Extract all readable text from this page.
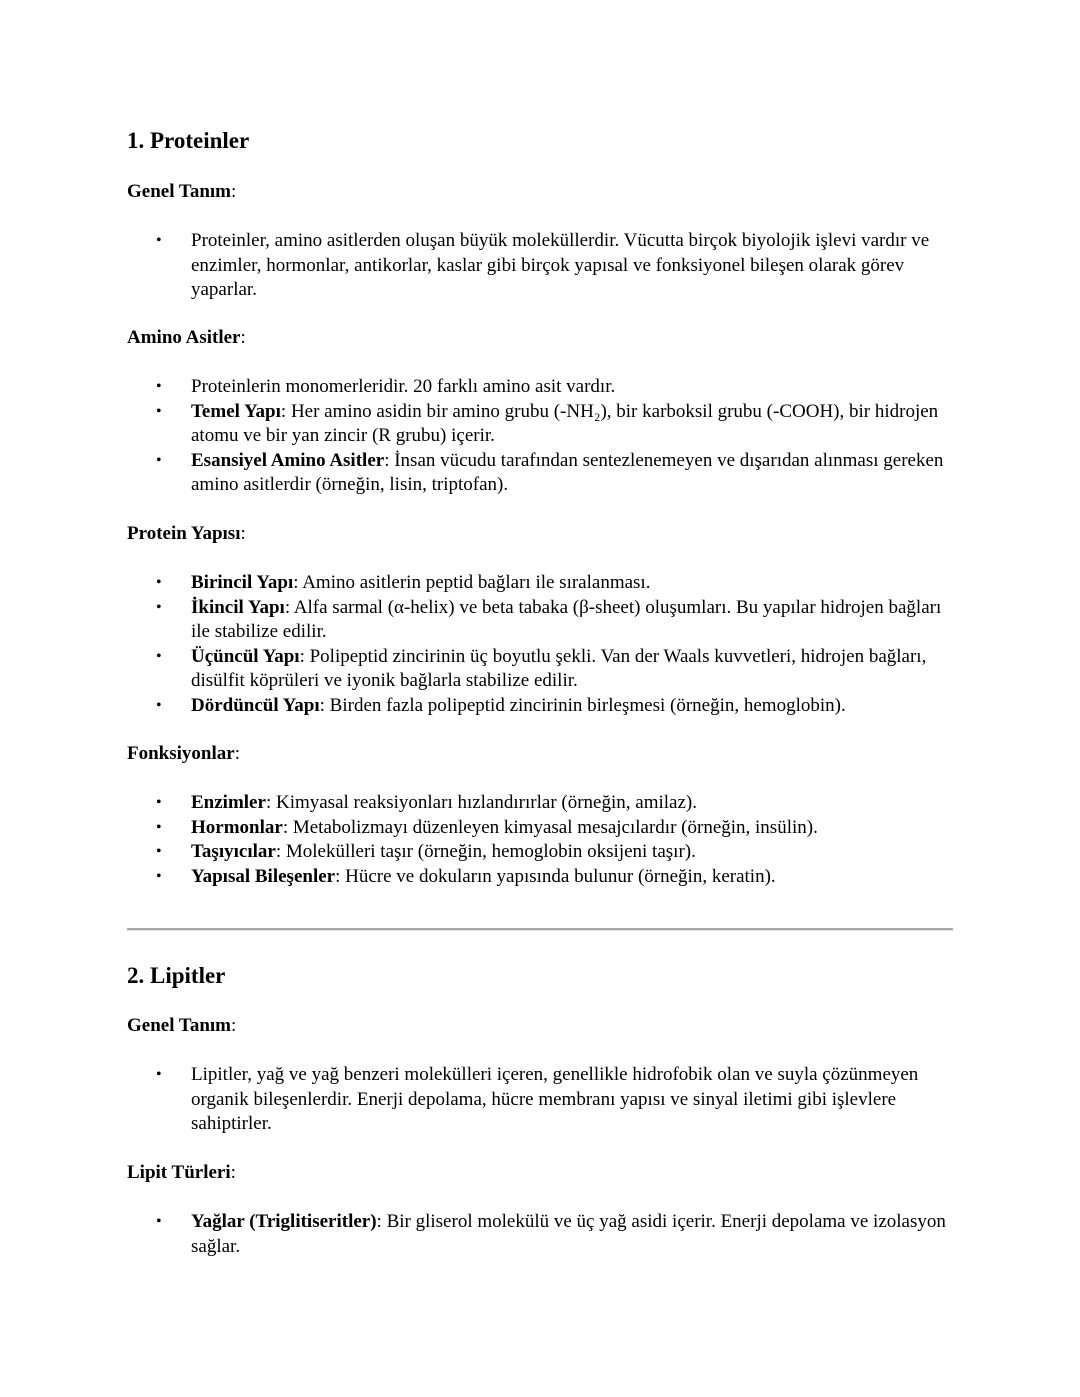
1. Proteinler
Genel Tanım:
• Proteinler, amino asitlerden oluşan büyük moleküllerdir. Vücutta birçok biyolojik işlevi vardır ve enzimler, hormonlar, antikorlar, kaslar gibi birçok yapısal ve fonksiyonel bileşen olarak görev yaparlar.
Amino Asitler:
• Proteinlerin monomerleridir. 20 farklı amino asit vardır.
• Temel Yapı: Her amino asidin bir amino grubu (-NH₂), bir karboksil grubu (-COOH), bir hidrojen atomu ve bir yan zincir (R grubu) içerir.
• Esansiyel Amino Asitler: İnsan vücudu tarafından sentezlenemeyen ve dışarıdan alınması gereken amino asitlerdir (örneğin, lisin, triptofan).
Protein Yapısı:
• Birincil Yapı: Amino asitlerin peptid bağları ile sıralanması.
• İkincil Yapı: Alfa sarmal (α-helix) ve beta tabaka (β-sheet) oluşumları. Bu yapılar hidrojen bağları ile stabilize edilir.
• Üçüncül Yapı: Polipeptid zincirinin üç boyutlu şekli. Van der Waals kuvvetleri, hidrojen bağları, disülfit köprüleri ve iyonik bağlarla stabilize edilir.
• Dördüncül Yapı: Birden fazla polipeptid zincirinin birleşmesi (örneğin, hemoglobin).
Fonksiyonlar:
• Enzimler: Kimyasal reaksiyonları hızlandırırlar (örneğin, amilaz).
• Hormonlar: Metabolizmayı düzenleyen kimyasal mesajcılardır (örneğin, insülin).
• Taşıyıcılar: Molekülleri taşır (örneğin, hemoglobin oksijeni taşır).
• Yapısal Bileşenler: Hücre ve dokuların yapısında bulunur (örneğin, keratin).
2. Lipitler
Genel Tanım:
• Lipitler, yağ ve yağ benzeri molekülleri içeren, genellikle hidrofobik olan ve suyla çözünmeyen organik bileşenlerdir. Enerji depolama, hücre membranı yapısı ve sinyal iletimi gibi işlevlere sahiptirler.
Lipit Türleri:
• Yağlar (Triglitiseritler): Bir gliserol molekülü ve üç yağ asidi içerir. Enerji depolama ve izolasyon sağlar.
